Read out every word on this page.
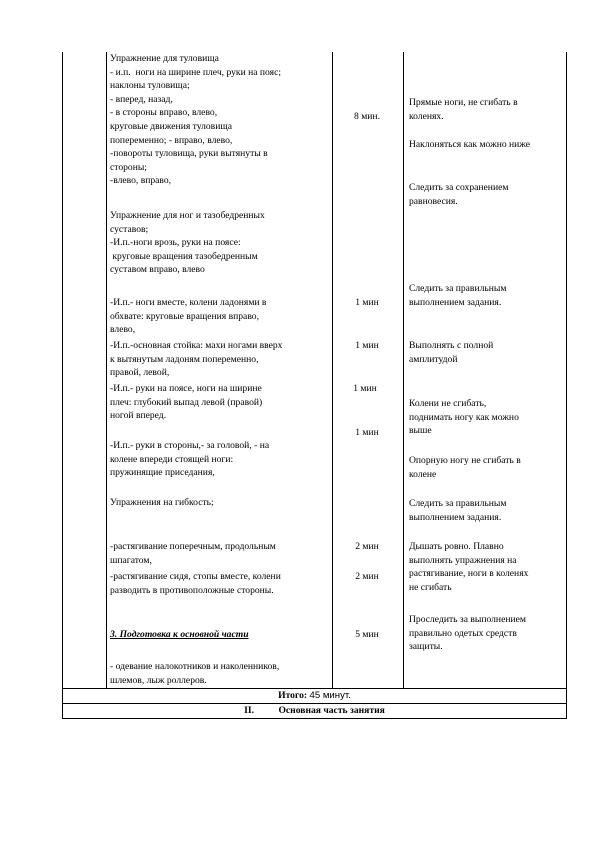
Упражнение для туловища
- и.п.  ноги на ширине плеч, руки на пояс;
наклоны туловища;
- вперед, назад,
- в стороны вправо, влево,
круговые движения туловища
попеременно; - вправо, влево,
-повороты туловища, руки вытянуты в
стороны;
-влево, вправо,
Упражнение для ног и тазобедренных
суставов;
-И.п.-ноги врозь, руки на поясе:
круговые вращения тазобедренным
суставом вправо, влево
-И.п.- ноги вместе, колени ладонями в
обхвате: круговые вращения вправо,
влево,
-И.п.-основная стойка: махи ногами вверх
к вытянутым ладоням попеременно,
правой, левой,
-И.п.- руки на поясе, ноги на ширине
плеч: глубокий выпад левой (правой)
ногой вперед.
-И.п.- руки в стороны,- за головой, - на
колене впереди стоящей ноги:
пружинящие приседания,
Упражнения на гибкость;
-растягивание поперечным, продольным
шпагатом,
-растягивание сидя, стопы вместе, колени
разводить в противоположные стороны.
3. Подготовка к основной части
- одевание налокотников и наколенников,
шлемов, лыж роллеров.
8 мин.
1 мин
1 мин
1 мин
1 мин
2 мин
2 мин
5 мин
Прямые ноги, не сгибать в
коленях.
Наклоняться как можно ниже
Следить за сохранением
равновесия.
Следить за правильным
выполнением задания.
Выполнять с полной
амплитудой
Колени не сгибать,
поднимать ногу как можно
выше
Опорную ногу не сгибать в
колене
Следить за правильным
выполнением задания.
Дышать ровно. Плавно
выполнять упражнения на
растягивание, ноги в коленях
не сгибать
Проследить за выполнением
правильно одетых средств
защиты.
Итого: 45 минут.
II.	Основная часть занятия
